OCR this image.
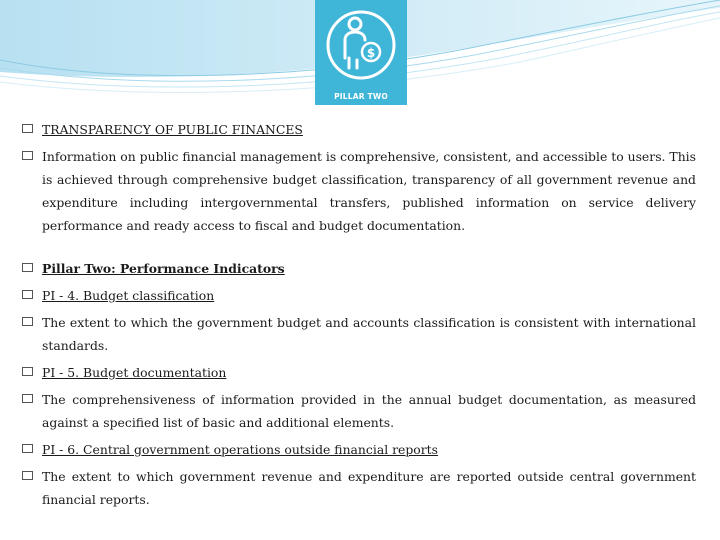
$
PILLAR TWO
TRANSPARENCY OF PUBLIC FINANCES
Information on public financial management is comprehensive, consistent, and accessible to users. This is achieved through comprehensive budget classification, transparency of all government revenue and expenditure including intergovernmental transfers, published information on service delivery performance and ready access to fiscal and budget documentation.
Pillar Two: Performance Indicators
PI - 4. Budget classification
The extent to which the government budget and accounts classification is consistent with international standards.
PI - 5. Budget documentation
The comprehensiveness of information provided in the annual budget documentation, as measured against a specified list of basic and additional elements.
PI - 6. Central government operations outside financial reports
The extent to which government revenue and expenditure are reported outside central government financial reports.
